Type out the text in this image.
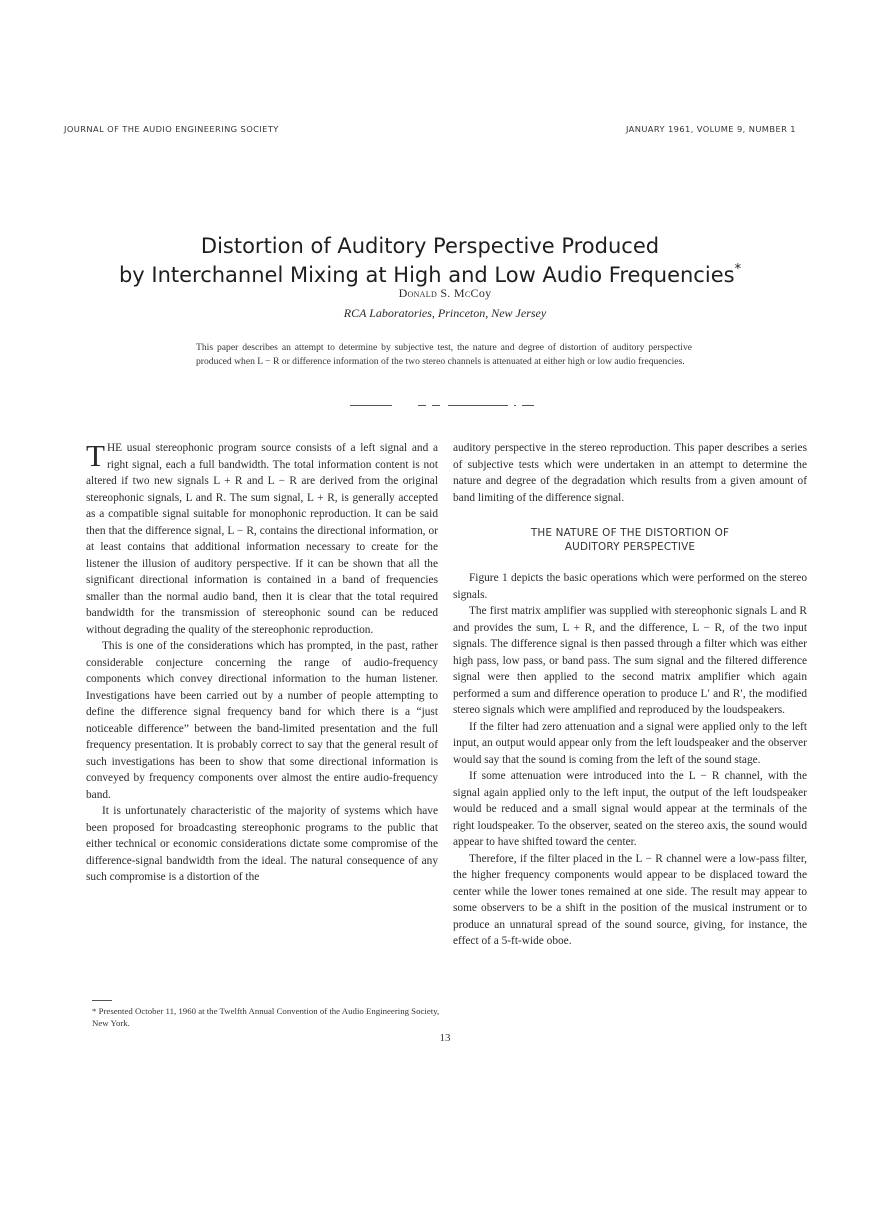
JOURNAL OF THE AUDIO ENGINEERING SOCIETY	JANUARY 1961, VOLUME 9, NUMBER 1
Distortion of Auditory Perspective Produced
by Interchannel Mixing at High and Low Audio Frequencies*
Donald S. McCoy
RCA Laboratories, Princeton, New Jersey
This paper describes an attempt to determine by subjective test, the nature and degree of distortion of auditory perspective produced when L − R or difference information of the two stereo channels is attenuated at either high or low audio frequencies.

THE usual stereophonic program source consists of a left signal and a right signal, each a full bandwidth. The total information content is not altered if two new signals L + R and L − R are derived from the original stereophonic signals, L and R. The sum signal, L + R, is generally accepted as a compatible signal suitable for monophonic reproduction. It can be said then that the difference signal, L − R, contains the directional information, or at least contains that additional information necessary to create for the listener the illusion of auditory perspective. If it can be shown that all the significant directional information is contained in a band of frequencies smaller than the normal audio band, then it is clear that the total required bandwidth for the transmission of stereophonic sound can be reduced without degrading the quality of the stereophonic reproduction.

This is one of the considerations which has prompted, in the past, rather considerable conjecture concerning the range of audio-frequency components which convey directional information to the human listener. Investigations have been carried out by a number of people attempting to define the difference signal frequency band for which there is a “just noticeable difference” between the band-limited presentation and the full frequency presentation. It is probably correct to say that the general result of such investigations has been to show that some directional information is conveyed by frequency components over almost the entire audio-frequency band.

It is unfortunately characteristic of the majority of systems which have been proposed for broadcasting stereophonic programs to the public that either technical or economic considerations dictate some compromise of the difference-signal bandwidth from the ideal. The natural consequence of any such compromise is a distortion of the

auditory perspective in the stereo reproduction. This paper describes a series of subjective tests which were undertaken in an attempt to determine the nature and degree of the degradation which results from a given amount of band limiting of the difference signal.

THE NATURE OF THE DISTORTION OF
AUDITORY PERSPECTIVE

Figure 1 depicts the basic operations which were performed on the stereo signals.

The first matrix amplifier was supplied with stereophonic signals L and R and provides the sum, L + R, and the difference, L − R, of the two input signals. The difference signal is then passed through a filter which was either high pass, low pass, or band pass. The sum signal and the filtered difference signal were then applied to the second matrix amplifier which again performed a sum and difference operation to produce L′ and R′, the modified stereo signals which were amplified and reproduced by the loudspeakers.

If the filter had zero attenuation and a signal were applied only to the left input, an output would appear only from the left loudspeaker and the observer would say that the sound is coming from the left of the sound stage.

If some attenuation were introduced into the L − R channel, with the signal again applied only to the left input, the output of the left loudspeaker would be reduced and a small signal would appear at the terminals of the right loudspeaker. To the observer, seated on the stereo axis, the sound would appear to have shifted toward the center.

Therefore, if the filter placed in the L − R channel were a low-pass filter, the higher frequency components would appear to be displaced toward the center while the lower tones remained at one side. The result may appear to some observers to be a shift in the position of the musical instrument or to produce an unnatural spread of the sound source, giving, for instance, the effect of a 5-ft-wide oboe.

* Presented October 11, 1960 at the Twelfth Annual Convention of the Audio Engineering Society, New York.
13
